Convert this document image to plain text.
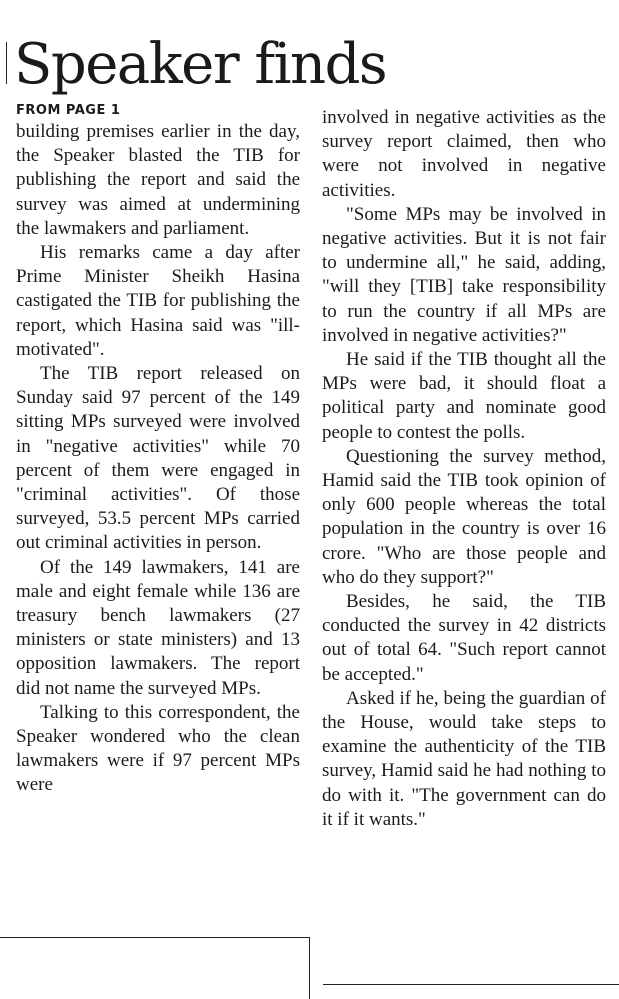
Speaker finds
FROM PAGE 1

building premises earlier in the day, the Speaker blasted the TIB for publishing the report and said the survey was aimed at undermining the lawmakers and parliament.

His remarks came a day after Prime Minister Sheikh Hasina castigated the TIB for publishing the report, which Hasina said was "ill-motivated".

The TIB report released on Sunday said 97 percent of the 149 sitting MPs surveyed were involved in "negative activities" while 70 percent of them were engaged in "criminal activities". Of those surveyed, 53.5 percent MPs carried out criminal activities in person.

Of the 149 lawmakers, 141 are male and eight female while 136 are treasury bench lawmakers (27 ministers or state ministers) and 13 opposition lawmakers. The report did not name the surveyed MPs.

Talking to this correspondent, the Speaker wondered who the clean lawmakers were if 97 percent MPs were

involved in negative activities as the survey report claimed, then who were not involved in negative activities.

"Some MPs may be involved in negative activities. But it is not fair to undermine all," he said, adding, "will they [TIB] take responsibility to run the country if all MPs are involved in negative activities?"

He said if the TIB thought all the MPs were bad, it should float a political party and nominate good people to contest the polls.

Questioning the survey method, Hamid said the TIB took opinion of only 600 people whereas the total population in the country is over 16 crore. "Who are those people and who do they support?"

Besides, he said, the TIB conducted the survey in 42 districts out of total 64. "Such report cannot be accepted."

Asked if he, being the guardian of the House, would take steps to examine the authenticity of the TIB survey, Hamid said he had nothing to do with it. "The government can do it if it wants."
